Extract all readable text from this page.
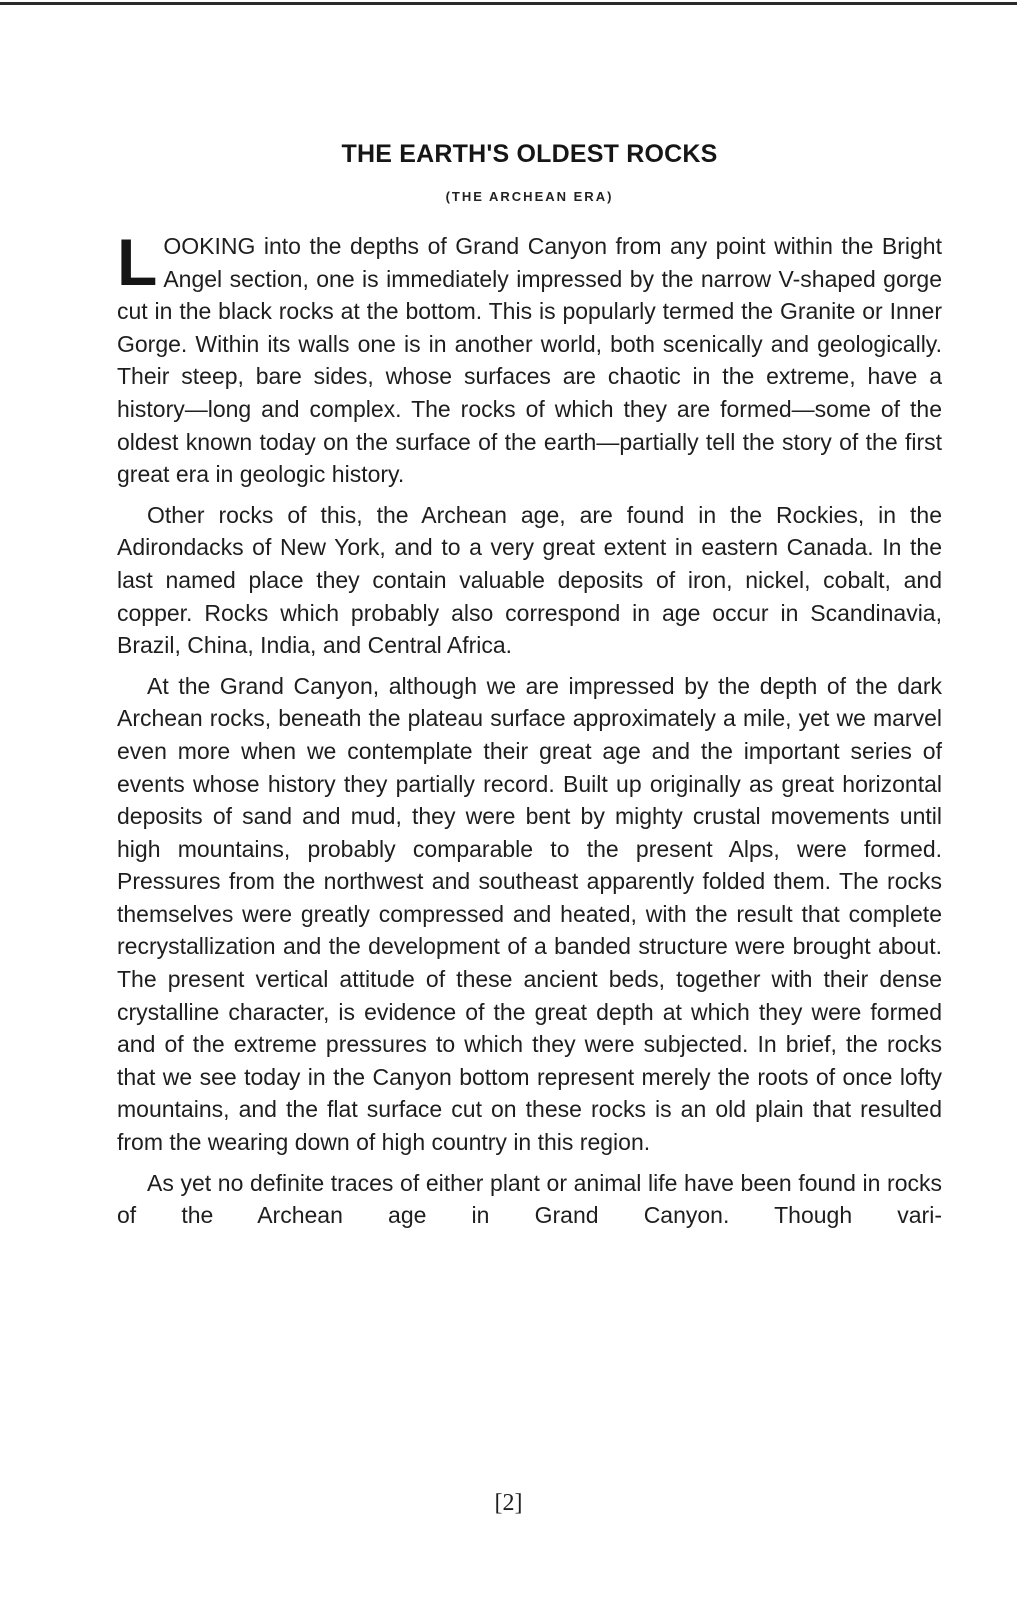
THE EARTH'S OLDEST ROCKS
(THE ARCHEAN ERA)

LOOKING into the depths of Grand Canyon from any point within the Bright Angel section, one is immediately impressed by the narrow V-shaped gorge cut in the black rocks at the bottom. This is popularly termed the Granite or Inner Gorge. Within its walls one is in another world, both scenically and geologically. Their steep, bare sides, whose surfaces are chaotic in the extreme, have a history—long and complex. The rocks of which they are formed—some of the oldest known today on the surface of the earth—partially tell the story of the first great era in geologic history.

Other rocks of this, the Archean age, are found in the Rockies, in the Adirondacks of New York, and to a very great extent in eastern Canada. In the last named place they contain valuable deposits of iron, nickel, cobalt, and copper. Rocks which probably also correspond in age occur in Scandinavia, Brazil, China, India, and Central Africa.

At the Grand Canyon, although we are impressed by the depth of the dark Archean rocks, beneath the plateau surface approximately a mile, yet we marvel even more when we contemplate their great age and the important series of events whose history they partially record. Built up originally as great horizontal deposits of sand and mud, they were bent by mighty crustal movements until high mountains, probably comparable to the present Alps, were formed. Pressures from the northwest and southeast apparently folded them. The rocks themselves were greatly compressed and heated, with the result that complete recrystallization and the development of a banded structure were brought about. The present vertical attitude of these ancient beds, together with their dense crystalline character, is evidence of the great depth at which they were formed and of the extreme pressures to which they were subjected. In brief, the rocks that we see today in the Canyon bottom represent merely the roots of once lofty mountains, and the flat surface cut on these rocks is an old plain that resulted from the wearing down of high country in this region.

As yet no definite traces of either plant or animal life have been found in rocks of the Archean age in Grand Canyon. Though vari-

[2]
